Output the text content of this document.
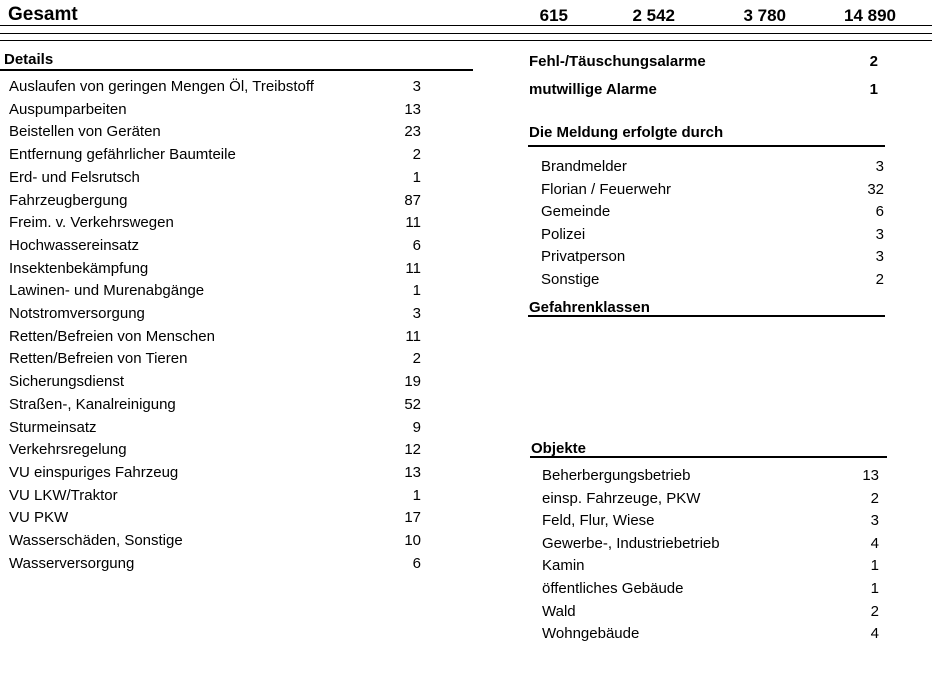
Gesamt	615	2 542	3 780	14 890
Details
Auslaufen von geringen Mengen Öl, Treibstoff	3
Auspumparbeiten	13
Beistellen von Geräten	23
Entfernung gefährlicher Baumteile	2
Erd- und Felsrutsch	1
Fahrzeugbergung	87
Freim. v. Verkehrswegen	11
Hochwassereinsatz	6
Insektenbekämpfung	11
Lawinen- und Murenabgänge	1
Notstromversorgung	3
Retten/Befreien von Menschen	11
Retten/Befreien von Tieren	2
Sicherungsdienst	19
Straßen-, Kanalreinigung	52
Sturmeinsatz	9
Verkehrsregelung	12
VU einspuriges Fahrzeug	13
VU LKW/Traktor	1
VU PKW	17
Wasserschäden, Sonstige	10
Wasserversorgung	6
Fehl-/Täuschungsalarme	2
mutwillige Alarme	1
Die Meldung erfolgte durch
Brandmelder	3
Florian / Feuerwehr	32
Gemeinde	6
Polizei	3
Privatperson	3
Sonstige	2
Gefahrenklassen
Objekte
Beherbergungsbetrieb	13
einsp. Fahrzeuge, PKW	2
Feld, Flur, Wiese	3
Gewerbe-, Industriebetrieb	4
Kamin	1
öffentliches Gebäude	1
Wald	2
Wohngebäude	4
